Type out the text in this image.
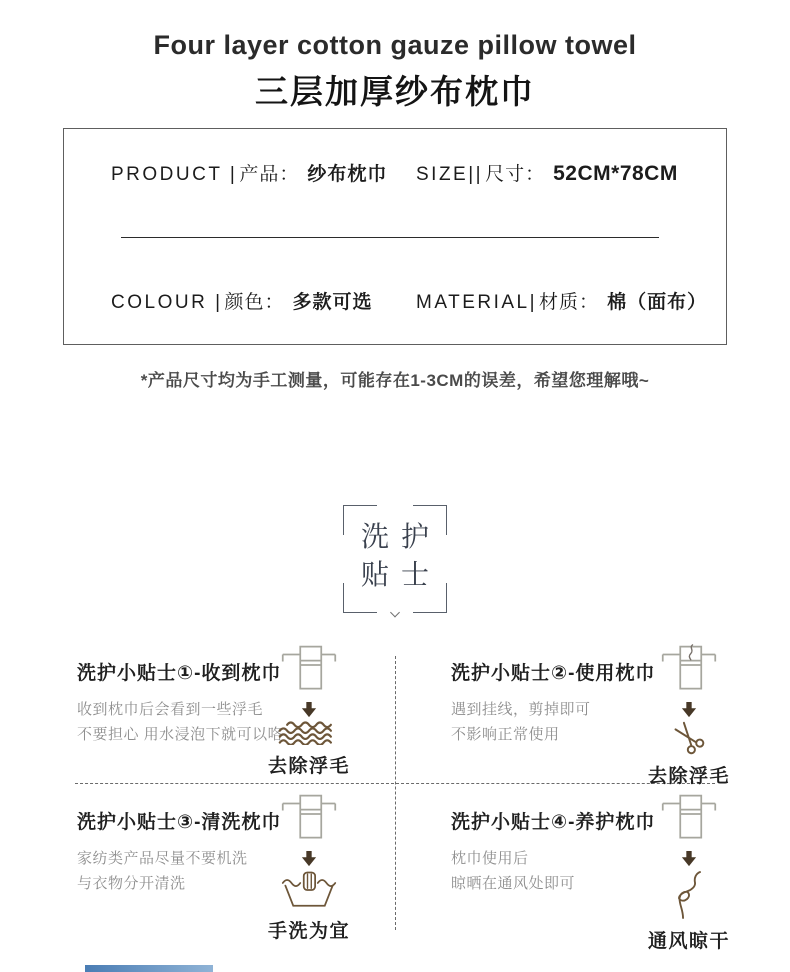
Four layer cotton gauze pillow towel
三层加厚纱布枕巾
PRODUCT | 产品： 纱布枕巾	SIZE|| 尺寸： 52CM*78CM
COLOUR | 颜色： 多款可选	MATERIAL| 材质： 棉（面布）
*产品尺寸均为手工测量，可能存在1-3CM的误差，希望您理解哦~
洗护
贴士
洗护小贴士①-收到枕巾
收到枕巾后会看到一些浮毛
不要担心 用水浸泡下就可以咯
去除浮毛
洗护小贴士②-使用枕巾
遇到挂线，剪掉即可
不影响正常使用
去除浮毛
洗护小贴士③-清洗枕巾
家纺类产品尽量不要机洗
与衣物分开清洗
手洗为宜
洗护小贴士④-养护枕巾
枕巾使用后
晾晒在通风处即可
通风晾干
